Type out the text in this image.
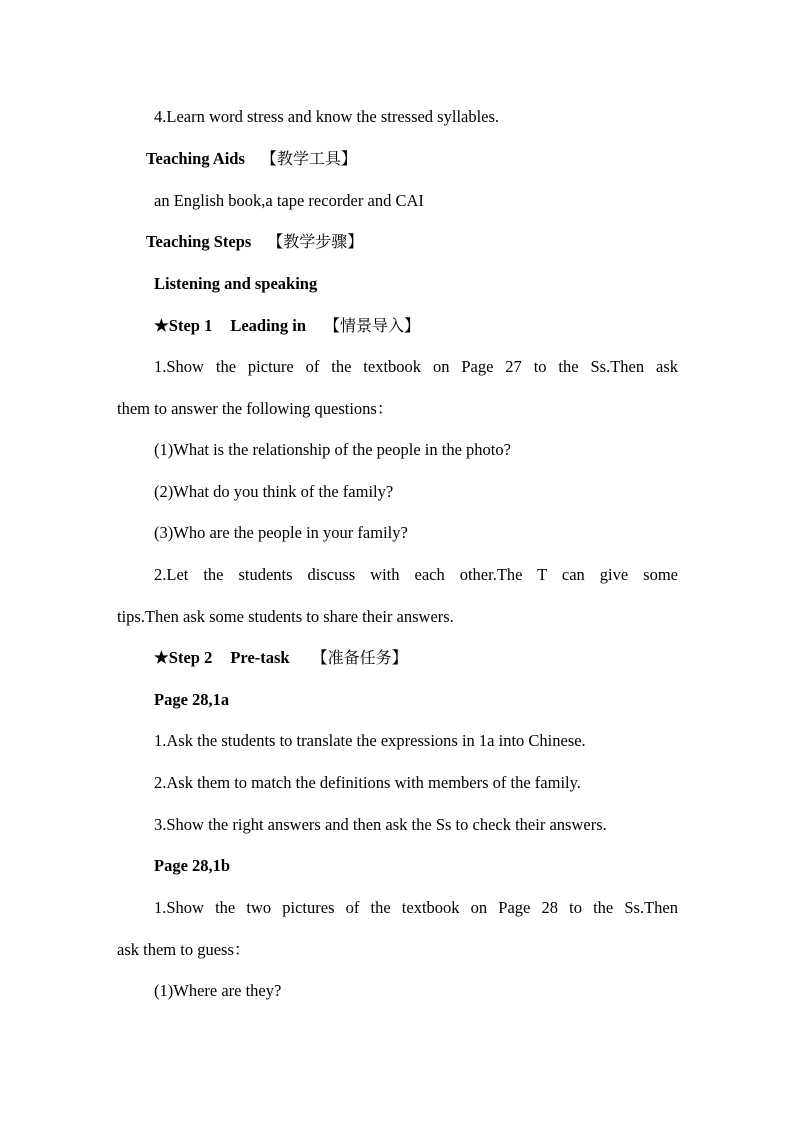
4.Learn word stress and know the stressed syllables.
Teaching Aids 【教学工具】
an English book,a tape recorder and CAI
Teaching Steps 【教学步骤】
Listening and speaking
★Step 1 Leading in 【情景导入】
1.Show the picture of the textbook on Page 27 to the Ss.Then ask
them to answer the following questions：
(1)What is the relationship of the people in the photo?
(2)What do you think of the family?
(3)Who are the people in your family?
2.Let the students discuss with each other.The T can give some
tips.Then ask some students to share their answers.
★Step 2 Pre-task 【准备任务】
Page 28,1a
1.Ask the students to translate the expressions in 1a into Chinese.
2.Ask them to match the definitions with members of the family.
3.Show the right answers and then ask the Ss to check their answers.
Page 28,1b
1.Show the two pictures of the textbook on Page 28 to the Ss.Then
ask them to guess：
(1)Where are they?
